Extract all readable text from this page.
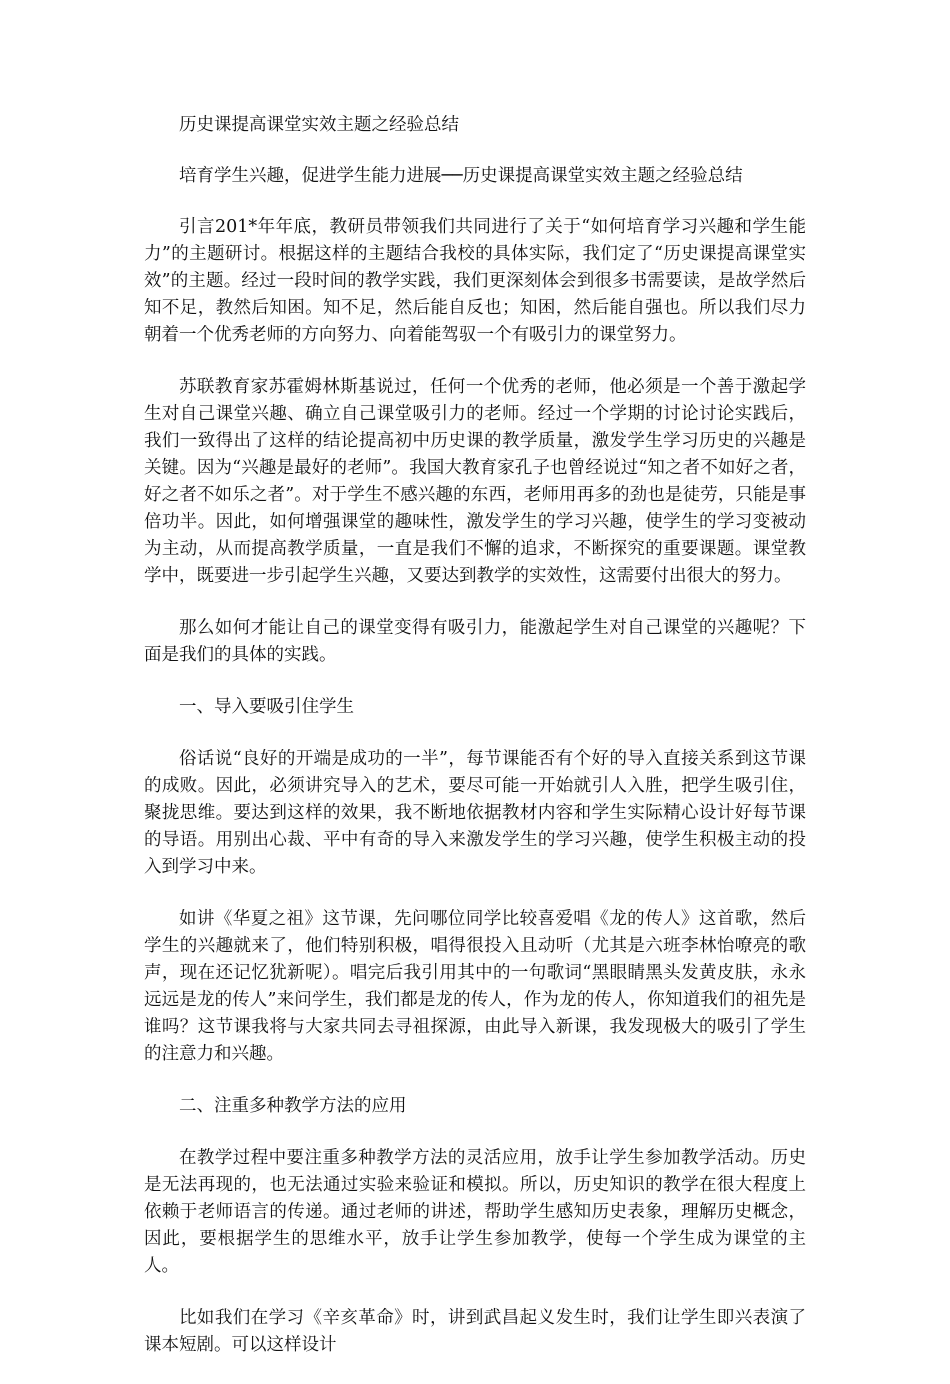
历史课提高课堂实效主题之经验总结

培育学生兴趣，促进学生能力进展──历史课提高课堂实效主题之经验总结

引言201*年年底，教研员带领我们共同进行了关于“如何培育学习兴趣和学生能力”的主题研讨。根据这样的主题结合我校的具体实际，我们定了“历史课提高课堂实效”的主题。经过一段时间的教学实践，我们更深刻体会到很多书需要读，是故学然后知不足，教然后知困。知不足，然后能自反也；知困，然后能自强也。所以我们尽力朝着一个优秀老师的方向努力、向着能驾驭一个有吸引力的课堂努力。

苏联教育家苏霍姆林斯基说过，任何一个优秀的老师，他必须是一个善于激起学生对自己课堂兴趣、确立自己课堂吸引力的老师。经过一个学期的讨论讨论实践后，我们一致得出了这样的结论提高初中历史课的教学质量，激发学生学习历史的兴趣是关键。因为“兴趣是最好的老师”。我国大教育家孔子也曾经说过“知之者不如好之者，好之者不如乐之者”。对于学生不感兴趣的东西，老师用再多的劲也是徒劳，只能是事倍功半。因此，如何增强课堂的趣味性，激发学生的学习兴趣，使学生的学习变被动为主动，从而提高教学质量，一直是我们不懈的追求，不断探究的重要课题。课堂教学中，既要进一步引起学生兴趣，又要达到教学的实效性，这需要付出很大的努力。

那么如何才能让自己的课堂变得有吸引力，能激起学生对自己课堂的兴趣呢？下面是我们的具体的实践。

一、导入要吸引住学生

俗话说“良好的开端是成功的一半”，每节课能否有个好的导入直接关系到这节课的成败。因此，必须讲究导入的艺术，要尽可能一开始就引人入胜，把学生吸引住，聚拢思维。要达到这样的效果，我不断地依据教材内容和学生实际精心设计好每节课的导语。用别出心裁、平中有奇的导入来激发学生的学习兴趣，使学生积极主动的投入到学习中来。

如讲《华夏之祖》这节课，先问哪位同学比较喜爱唱《龙的传人》这首歌，然后学生的兴趣就来了，他们特别积极，唱得很投入且动听（尤其是六班李林怡嘹亮的歌声，现在还记忆犹新呢）。唱完后我引用其中的一句歌词“黑眼睛黑头发黄皮肤，永永远远是龙的传人”来问学生，我们都是龙的传人，作为龙的传人，你知道我们的祖先是谁吗？这节课我将与大家共同去寻祖探源，由此导入新课，我发现极大的吸引了学生的注意力和兴趣。

二、注重多种教学方法的应用

在教学过程中要注重多种教学方法的灵活应用，放手让学生参加教学活动。历史是无法再现的，也无法通过实验来验证和模拟。所以，历史知识的教学在很大程度上依赖于老师语言的传递。通过老师的讲述，帮助学生感知历史表象，理解历史概念，因此，要根据学生的思维水平，放手让学生参加教学，使每一个学生成为课堂的主人。

比如我们在学习《辛亥革命》时，讲到武昌起义发生时，我们让学生即兴表演了课本短剧。可以这样设计
